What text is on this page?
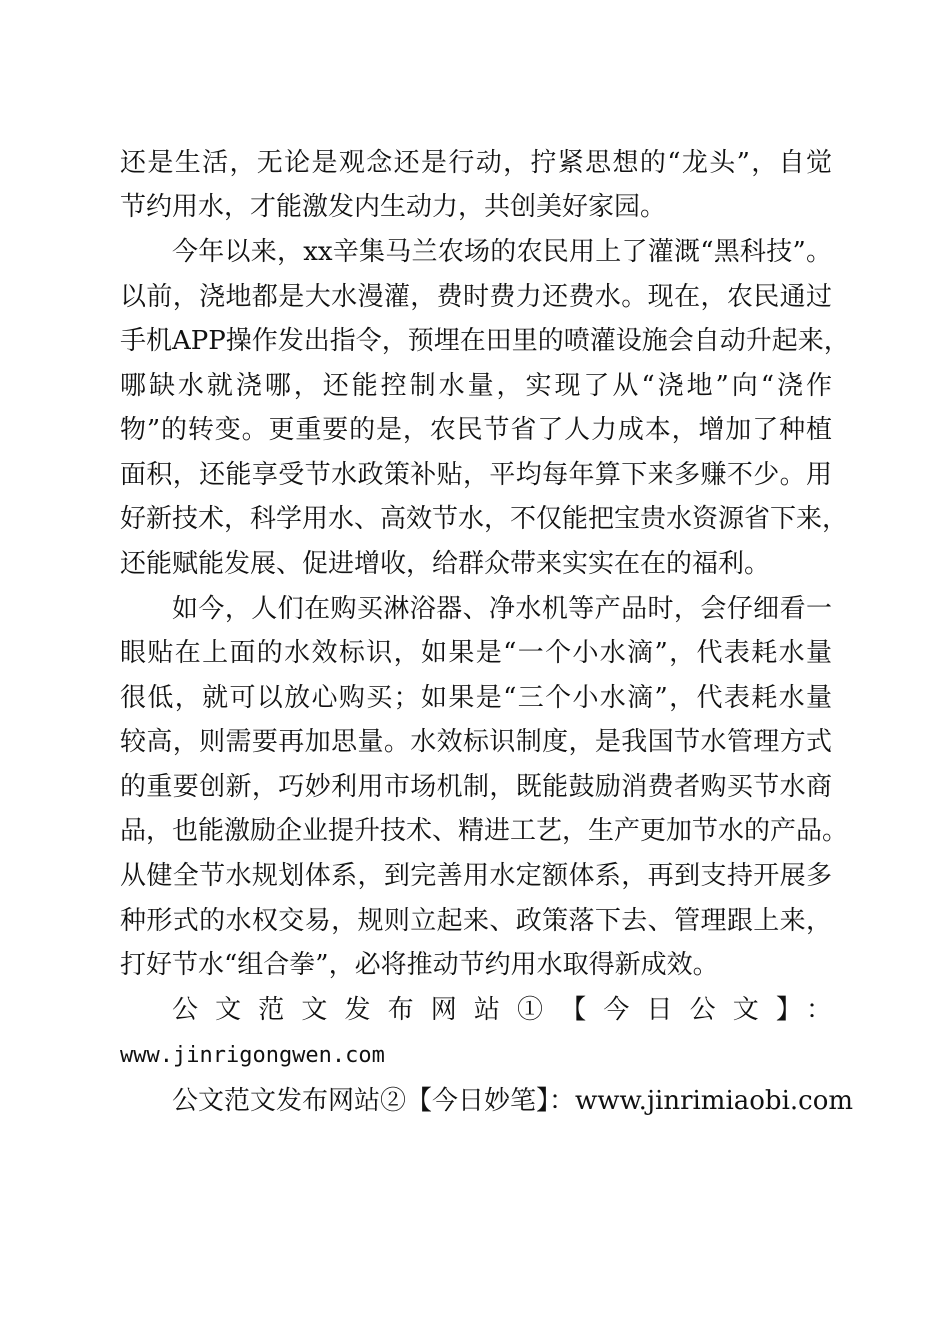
还是生活，无论是观念还是行动，拧紧思想的“龙头”，自觉
节约用水，才能激发内生动力，共创美好家园。
今年以来，xx辛集马兰农场的农民用上了灌溉“黑科技”。
以前，浇地都是大水漫灌，费时费力还费水。现在，农民通过
手机APP操作发出指令，预埋在田里的喷灌设施会自动升起来，
哪缺水就浇哪，还能控制水量，实现了从“浇地”向“浇作
物”的转变。更重要的是，农民节省了人力成本，增加了种植
面积，还能享受节水政策补贴，平均每年算下来多赚不少。用
好新技术，科学用水、高效节水，不仅能把宝贵水资源省下来，
还能赋能发展、促进增收，给群众带来实实在在的福利。
如今，人们在购买淋浴器、净水机等产品时，会仔细看一
眼贴在上面的水效标识，如果是“一个小水滴”，代表耗水量
很低，就可以放心购买；如果是“三个小水滴”，代表耗水量
较高，则需要再加思量。水效标识制度，是我国节水管理方式
的重要创新，巧妙利用市场机制，既能鼓励消费者购买节水商
品，也能激励企业提升技术、精进工艺，生产更加节水的产品。
从健全节水规划体系，到完善用水定额体系，再到支持开展多
种形式的水权交易，规则立起来、政策落下去、管理跟上来，
打好节水“组合拳”，必将推动节约用水取得新成效。
公文范文发布网站①【今日公文】：
www.jinrigongwen.com
公文范文发布网站②【今日妙笔】：www.jinrimiaobi.com
